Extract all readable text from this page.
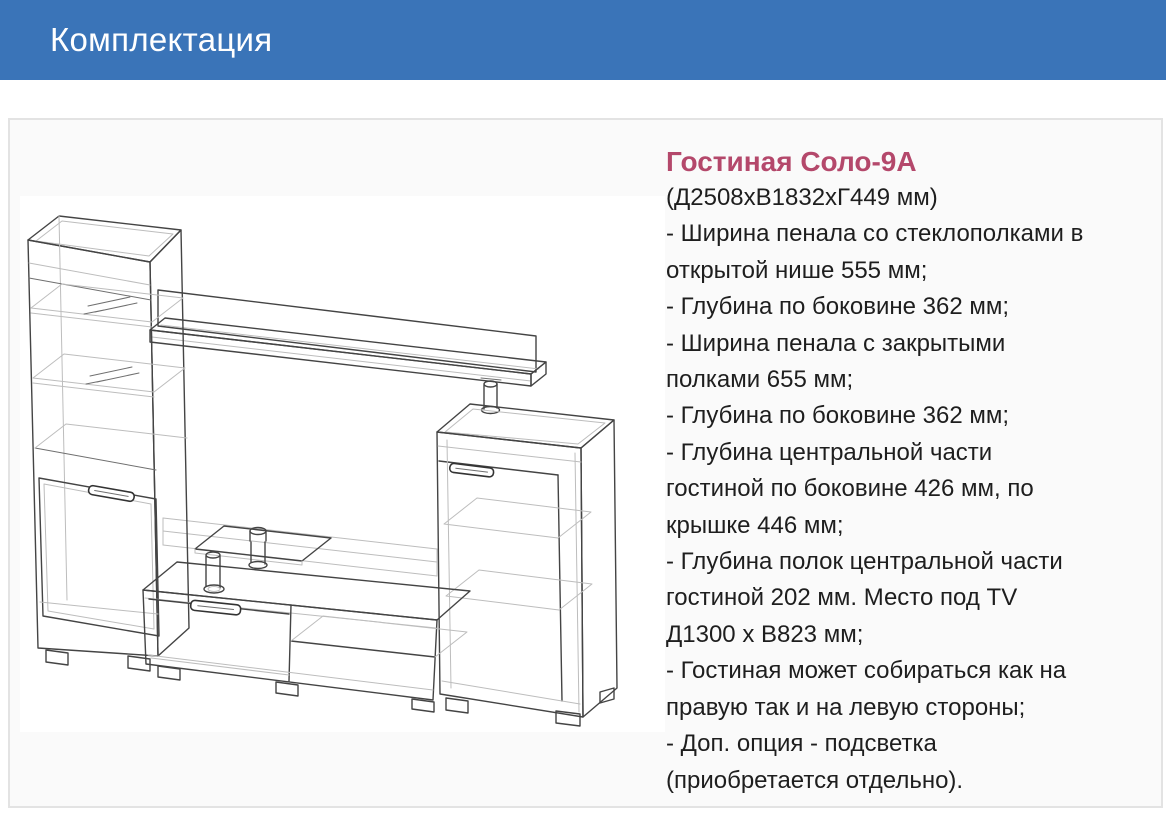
Комплектация
Гостиная Соло-9А
(Д2508хВ1832хГ449 мм)
- Ширина пенала со стеклополками в
открытой нише 555 мм;
- Глубина по боковине 362 мм;
- Ширина пенала с закрытыми
полками 655 мм;
- Глубина по боковине 362 мм;
- Глубина центральной части
гостиной по боковине 426 мм, по
крышке 446 мм;
- Глубина полок центральной части
гостиной 202 мм. Место под TV
Д1300 х В823 мм;
- Гостиная может собираться как на
правую так и на левую стороны;
- Доп. опция - подсветка
(приобретается отдельно).
